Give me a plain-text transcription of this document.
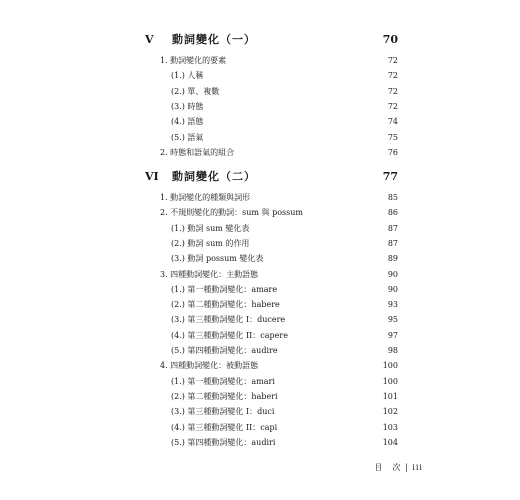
目　次 | iii
V 動詞變化（一）	70
1. 動詞變化的要素	72
(1.) 人稱	72
(2.) 單、複數	72
(3.) 時態	72
(4.) 語態	74
(5.) 語氣	75
2. 時態和語氣的組合	76
VI 動詞變化（二）	77
1. 動詞變化的種類與詞形	85
2. 不規則變化的動詞：sum 與 possum	86
(1.) 動詞 sum 變化表	87
(2.) 動詞 sum 的作用	87
(3.) 動詞 possum 變化表	89
3. 四種動詞變化：主動語態	90
(1.) 第一種動詞變化：amare	90
(2.) 第二種動詞變化：habere	93
(3.) 第三種動詞變化 I：ducere	95
(4.) 第三種動詞變化 II：capere	97
(5.) 第四種動詞變化：audire	98
4. 四種動詞變化：被動語態	100
(1.) 第一種動詞變化：amari	100
(2.) 第二種動詞變化：haberi	101
(3.) 第三種動詞變化 I：duci	102
(4.) 第三種動詞變化 II：capi	103
(5.) 第四種動詞變化：audiri	104
